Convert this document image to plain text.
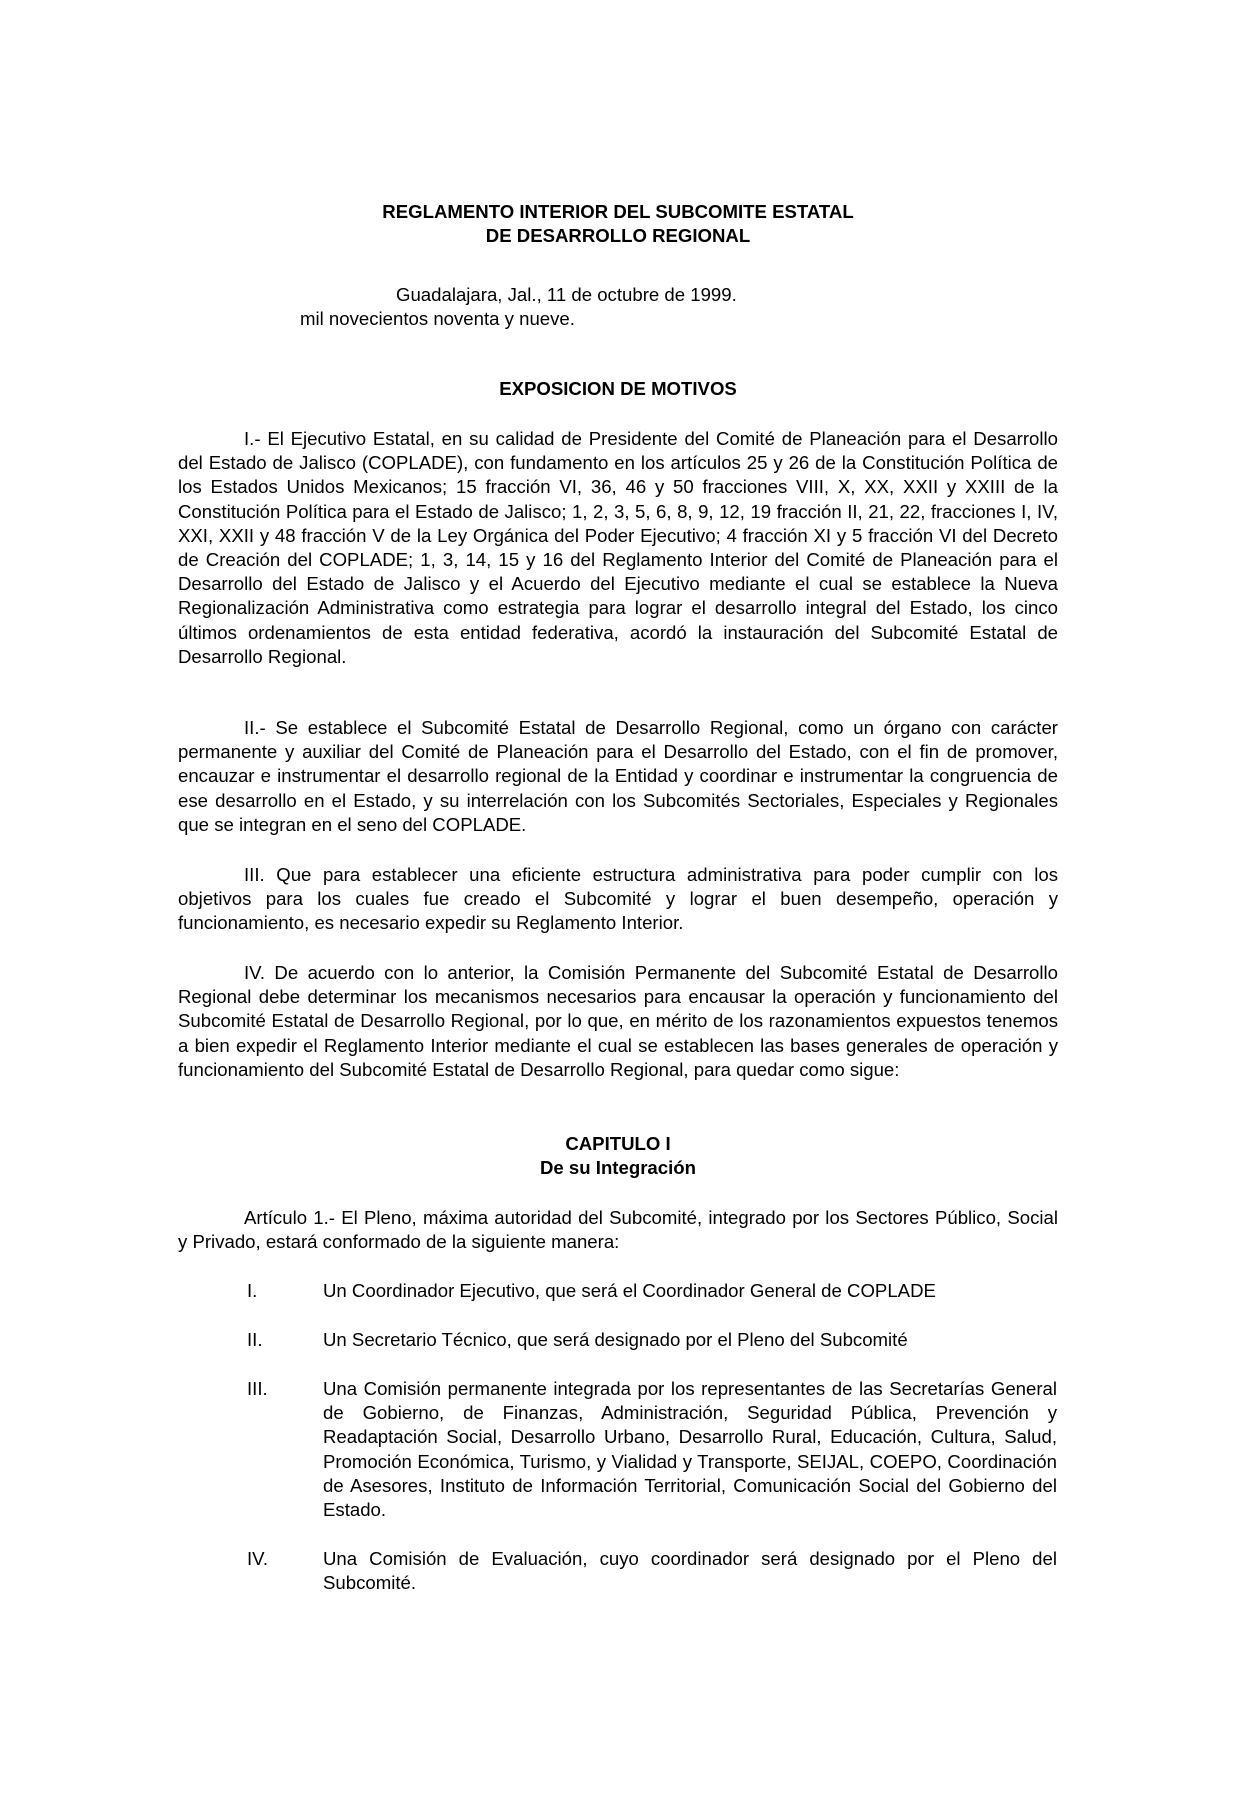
REGLAMENTO INTERIOR DEL SUBCOMITE ESTATAL
DE DESARROLLO REGIONAL
Guadalajara, Jal., 11 de octubre de 1999.
mil novecientos noventa y nueve.
EXPOSICION DE MOTIVOS

I.- El Ejecutivo Estatal, en su calidad de Presidente del Comité de Planeación para el Desarrollo del Estado de Jalisco (COPLADE), con fundamento en los artículos 25 y 26 de la Constitución Política de los Estados Unidos Mexicanos; 15 fracción VI, 36, 46 y 50 fracciones VIII, X, XX, XXII y XXIII de la Constitución Política para el Estado de Jalisco; 1, 2, 3, 5, 6, 8, 9, 12, 19 fracción II, 21, 22, fracciones I, IV, XXI, XXII y 48 fracción V de la Ley Orgánica del Poder Ejecutivo; 4 fracción XI y 5 fracción VI del Decreto de Creación del COPLADE; 1, 3, 14, 15 y 16 del Reglamento Interior del Comité de Planeación para el Desarrollo del Estado de Jalisco y el Acuerdo del Ejecutivo mediante el cual se establece la Nueva Regionalización Administrativa como estrategia para lograr el desarrollo integral del Estado, los cinco últimos ordenamientos de esta entidad federativa, acordó la instauración del Subcomité Estatal de Desarrollo Regional.

II.- Se establece el Subcomité Estatal de Desarrollo Regional, como un órgano con carácter permanente y auxiliar del Comité de Planeación para el Desarrollo del Estado, con el fin de promover, encauzar e instrumentar el desarrollo regional de la Entidad y coordinar e instrumentar la congruencia de ese desarrollo en el Estado, y su interrelación con los Subcomités Sectoriales, Especiales y Regionales que se integran en el seno del COPLADE.

III. Que para establecer una eficiente estructura administrativa para poder cumplir con los objetivos para los cuales fue creado el Subcomité y lograr el buen desempeño, operación y funcionamiento, es necesario expedir su Reglamento Interior.

IV. De acuerdo con lo anterior, la Comisión Permanente del Subcomité Estatal de Desarrollo Regional debe determinar los mecanismos necesarios para encausar la operación y funcionamiento del Subcomité Estatal de Desarrollo Regional, por lo que, en mérito de los razonamientos expuestos tenemos a bien expedir el Reglamento Interior mediante el cual se establecen las bases generales de operación y funcionamiento del Subcomité Estatal de Desarrollo Regional, para quedar como sigue:

CAPITULO I
De su Integración

Artículo 1.- El Pleno, máxima autoridad del Subcomité, integrado por los Sectores Público, Social y Privado, estará conformado de la siguiente manera:

I.	Un Coordinador Ejecutivo, que será el Coordinador General de COPLADE

II.	Un Secretario Técnico, que será designado por el Pleno del Subcomité

III.	Una Comisión permanente integrada por los representantes de las Secretarías General de Gobierno, de Finanzas, Administración, Seguridad Pública, Prevención y Readaptación Social, Desarrollo Urbano, Desarrollo Rural, Educación, Cultura, Salud, Promoción Económica, Turismo, y Vialidad y Transporte, SEIJAL, COEPO, Coordinación de Asesores, Instituto de Información Territorial, Comunicación Social del Gobierno del Estado.

IV.	Una Comisión de Evaluación, cuyo coordinador será designado por el Pleno del Subcomité.
